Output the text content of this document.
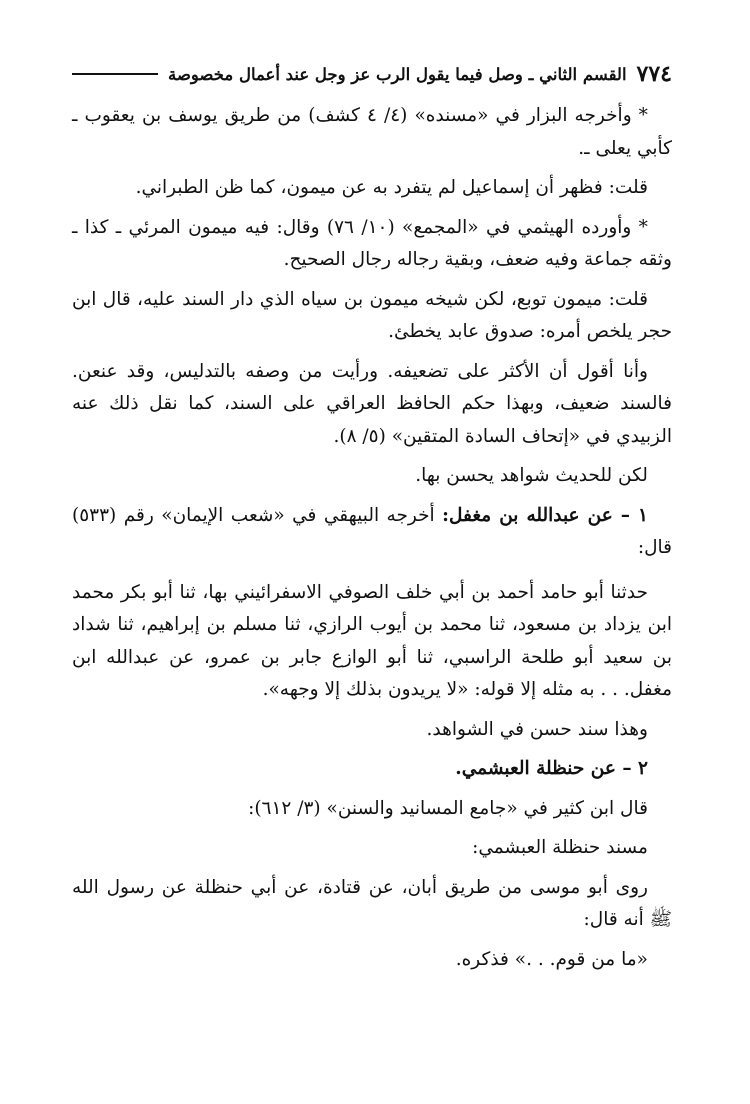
٧٧٤
القسم الثاني ـ وصل فيما يقول الرب عز وجل عند أعمال مخصوصة

* وأخرجه البزار في «مسنده» (٤/ ٤ كشف) من طريق يوسف بن يعقوب ـ كأبي يعلى ـ.

قلت: فظهر أن إسماعيل لم يتفرد به عن ميمون، كما ظن الطبراني.

* وأورده الهيثمي في «المجمع» (١٠/ ٧٦) وقال: فيه ميمون المرئي ـ كذا ـ وثقه جماعة وفيه ضعف، وبقية رجاله رجال الصحيح.

قلت: ميمون توبع، لكن شيخه ميمون بن سياه الذي دار السند عليه، قال ابن حجر يلخص أمره: صدوق عابد يخطئ.

وأنا أقول أن الأكثر على تضعيفه. ورأيت من وصفه بالتدليس، وقد عنعن. فالسند ضعيف، وبهذا حكم الحافظ العراقي على السند، كما نقل ذلك عنه الزبيدي في «إتحاف السادة المتقين» (٥/ ٨).

لكن للحديث شواهد يحسن بها.

١ – عن عبدالله بن مغفل: أخرجه البيهقي في «شعب الإيمان» رقم (٥٣٣) قال:

حدثنا أبو حامد أحمد بن أبي خلف الصوفي الاسفرائيني بها، ثنا أبو بكر محمد ابن يزداد بن مسعود، ثنا محمد بن أيوب الرازي، ثنا مسلم بن إبراهيم، ثنا شداد بن سعيد أبو طلحة الراسبي، ثنا أبو الوازع جابر بن عمرو، عن عبدالله ابن مغفل. . . به مثله إلا قوله: «لا يريدون بذلك إلا وجهه».

وهذا سند حسن في الشواهد.

٢ – عن حنظلة العبشمي.

قال ابن كثير في «جامع المسانيد والسنن» (٣/ ٦١٢):

مسند حنظلة العبشمي:

روى أبو موسى من طريق أبان، عن قتادة، عن أبي حنظلة عن رسول الله ﷺ أنه قال:

«ما من قوم. . .» فذكره.
